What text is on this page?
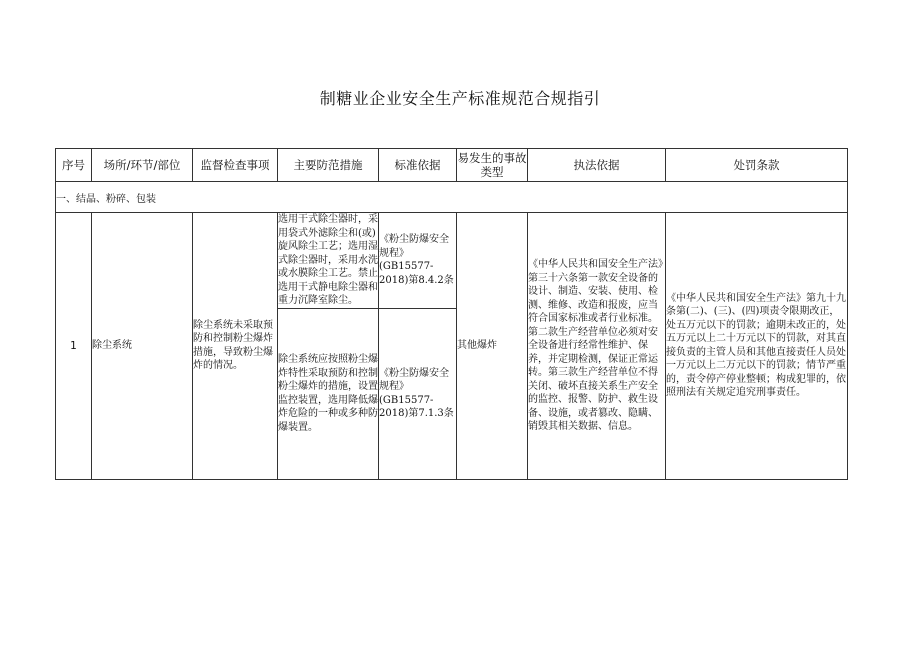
制糖业企业安全生产标准规范合规指引
序号	场所/环节/部位	监督检查事项	主要防范措施	标准依据	易发生的事故类型	执法依据	处罚条款
一、结晶、粉碎、包装							
1	除尘系统	除尘系统未采取预防和控制粉尘爆炸措施，导致粉尘爆炸的情况。	选用干式除尘器时，采用袋式外滤除尘和(或)旋风除尘工艺；选用湿式除尘器时，采用水洗或水膜除尘工艺。禁止选用干式静电除尘器和重力沉降室除尘。	《粉尘防爆安全规程》(GB15577-2018)第8.4.2条	其他爆炸	《中华人民共和国安全生产法》第三十六条第一款安全设备的设计、制造、安装、使用、检测、维修、改造和报废，应当符合国家标准或者行业标准。第二款生产经营单位必须对安全设备进行经常性维护、保养，并定期检测，保证正常运转。第三款生产经营单位不得关闭、破坏直接关系生产安全的监控、报警、防护、救生设备、设施，或者篡改、隐瞒、销毁其相关数据、信息。	《中华人民共和国安全生产法》第九十九条第(二)、(三)、(四)项责令限期改正，处五万元以下的罚款；逾期未改正的，处五万元以上二十万元以下的罚款，对其直接负责的主管人员和其他直接责任人员处一万元以上二万元以下的罚款；情节严重的，责令停产停业整顿；构成犯罪的，依照刑法有关规定追究刑事责任。
			除尘系统应按照粉尘爆炸特性采取预防和控制粉尘爆炸的措施，设置监控装置，选用降低爆炸危险的一种或多种防爆装置。	《粉尘防爆安全规程》(GB15577-2018)第7.1.3条			
